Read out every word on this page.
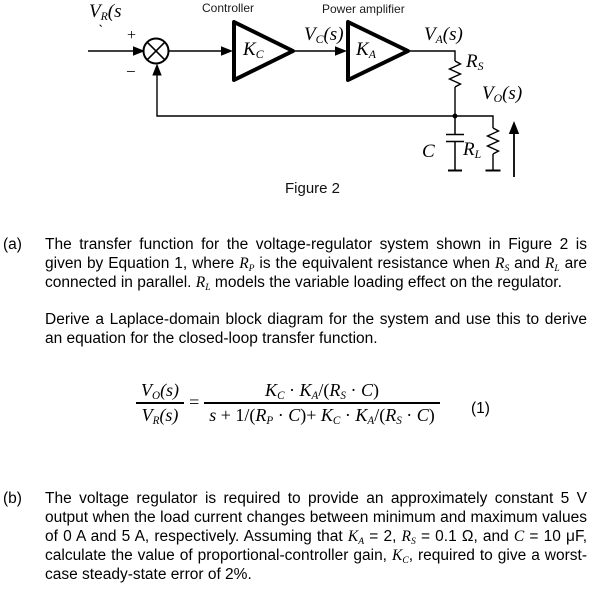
VR(s
` +
−
Controller	Power amplifier
KC
VC(s)
KA
VA(s)
RS
VO(s)
C RL
Figure 2
(a)	The transfer function for the voltage-regulator system shown in Figure 2 is given by Equation 1, where RP is the equivalent resistance when RS and RL are connected in parallel. RL models the variable loading effect on the regulator.
Derive a Laplace-domain block diagram for the system and use this to derive an equation for the closed-loop transfer function.
$\frac{VO(s)}{VR(s)} = \frac{KC \cdot KA/(RS \cdot C)}{s + 1/(RP \cdot C)+ KC \cdot KA/(RS \cdot C)} (1)$
(b)	The voltage regulator is required to provide an approximately constant 5 V output when the load current changes between minimum and maximum values of 0 A and 5 A, respectively. Assuming that KA = 2, RS = 0.1 Ω, and C = 10 μF, calculate the value of proportional-controller gain, KC, required to give a worst-case steady-state error of 2%.
